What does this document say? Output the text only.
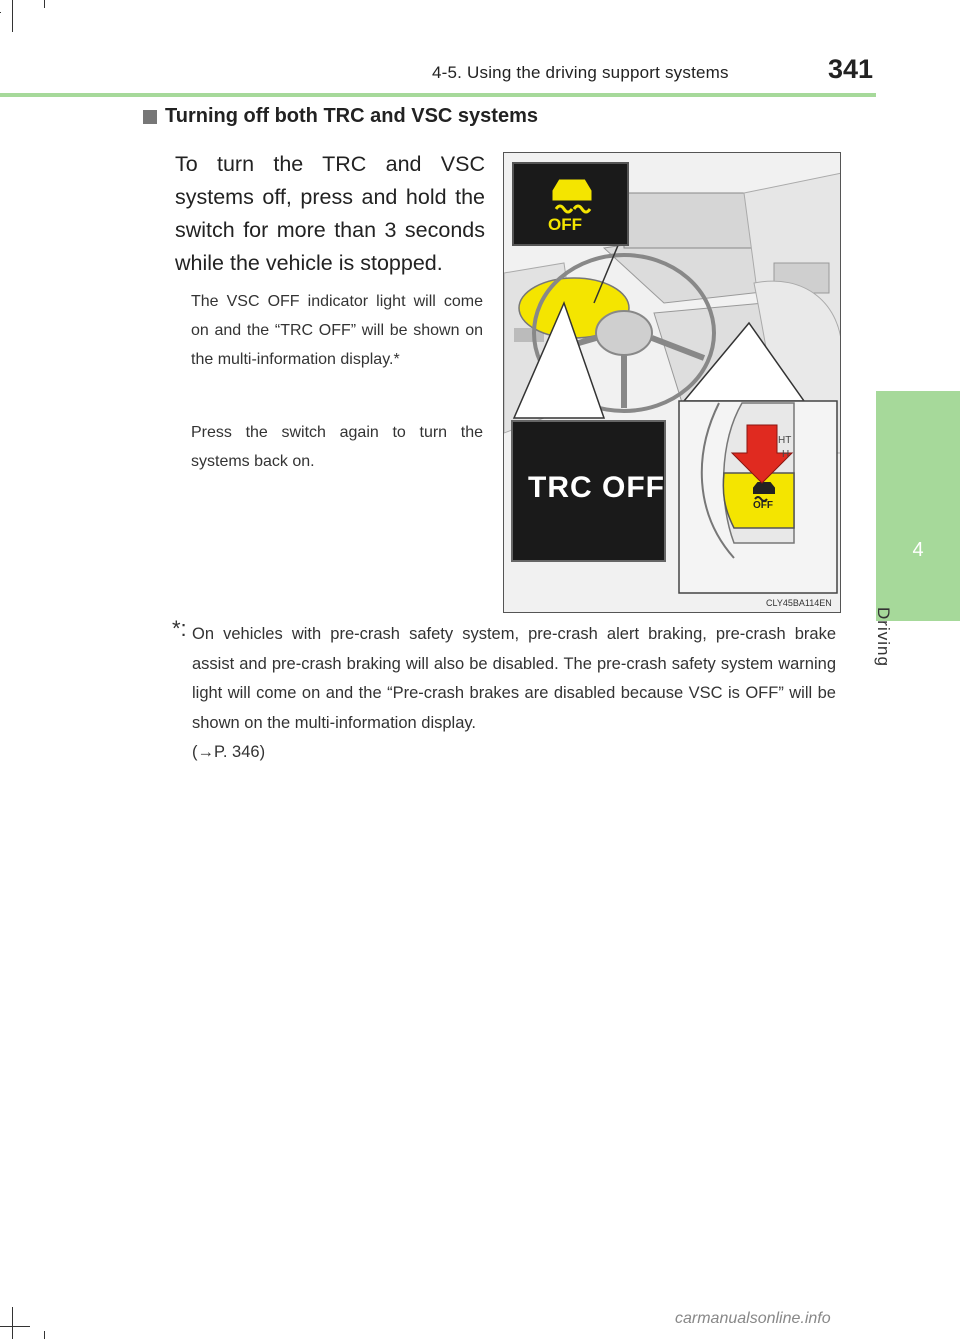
4-5. Using the driving support systems	341
4
Driving
Turning off both TRC and VSC systems

To turn the TRC and VSC systems off, press and hold the switch for more than 3 seconds while the vehicle is stopped.

The VSC OFF indicator light will come on and the “TRC OFF” will be shown on the multi-information display.*

Press the switch again to turn the systems back on.

OFF
TRC OFF
OFF
HT
H
CLY45BA114EN
*: On vehicles with pre-crash safety system, pre-crash alert braking, pre-crash brake assist and pre-crash braking will also be disabled. The pre-crash safety system warning light will come on and the “Pre-crash brakes are disabled because VSC is OFF” will be shown on the multi-information display.
(→P. 346)
carmanualsonline.info
